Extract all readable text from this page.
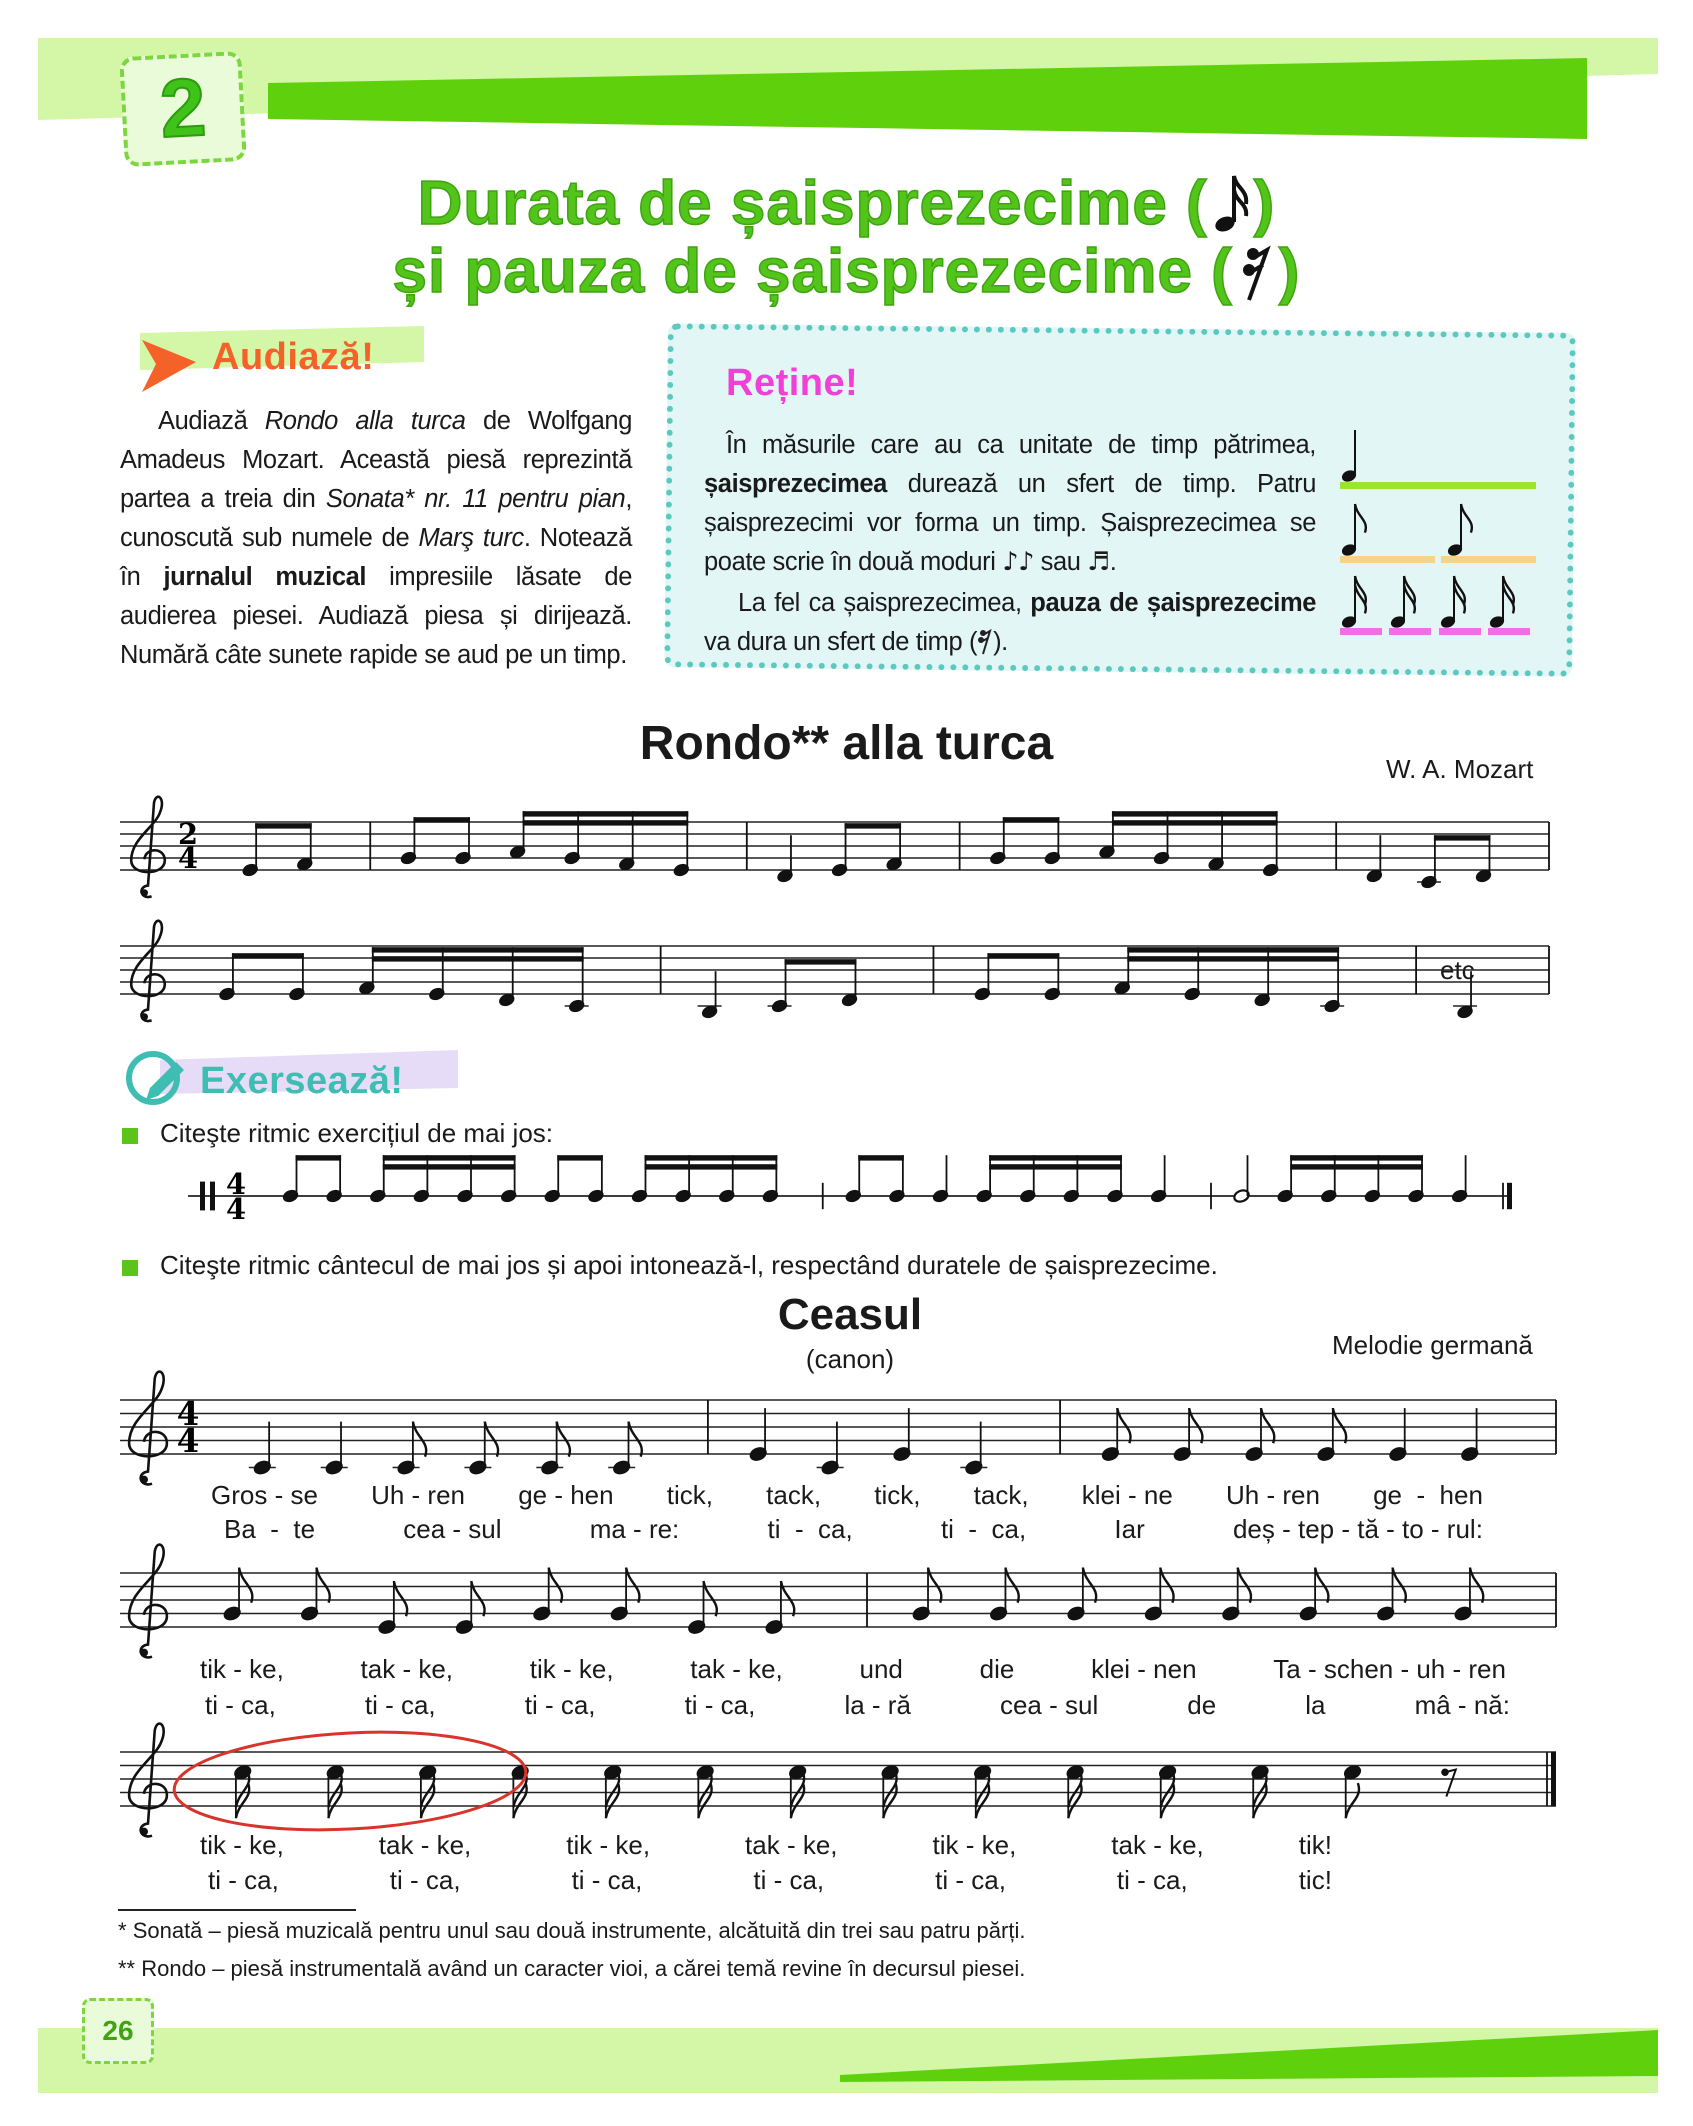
2
Durata de șaisprezecime ( )
și pauza de șaisprezecime ( )
Audiază!
Audiază Rondo alla turca de Wolfgang Amadeus Mozart. Această piesă reprezintă partea a treia din Sonata* nr. 11 pentru pian, cunoscută sub numele de Marş turc. Notează în jurnalul muzical impresiile lăsate de audierea piesei. Audiază piesa și dirijează. Numără câte sunete rapide se aud pe un timp.
Reține!
În măsurile care au ca unitate de timp pătrimea, șaisprezecimea durează un sfert de timp. Patru șaisprezecimi vor forma un timp. Șaisprezecimea se poate scrie în două moduri ♪♪ sau ♬.
La fel ca șaisprezecimea, pauza de șaisprezecime va dura un sfert de timp ( ).
Rondo** alla turca	W. A. Mozart
etc
Exersează!
Citeşte ritmic exercițiul de mai jos:
Citeşte ritmic cântecul de mai jos și apoi intonează-l, respectând duratele de șaisprezecime.
Ceasul
(canon)	Melodie germană
Gros - se Uh - ren ge - hen tick, tack, tick, tack, klei - ne Uh - ren ge  -  hen
Ba  -  te	cea - sul	ma - re:	ti  -  ca,	ti  -  ca,	Iar	deș - tep - tă - to - rul:
tik - ke,	tak - ke,	tik - ke,	tak - ke,	und	die	klei - nen	Ta - schen - uh - ren
ti - ca,	ti - ca,	ti - ca,	ti - ca,	la - ră	cea - sul	de	la	mâ - nă:
tik - ke,	tak - ke,	tik - ke,	tak - ke,	tik - ke,	tak - ke,	tik!
ti - ca,	ti - ca,	ti - ca,	ti - ca,	ti - ca,	ti - ca,	tic!
* Sonată – piesă muzicală pentru unul sau două instrumente, alcătuită din trei sau patru părți.
** Rondo – piesă instrumentală având un caracter vioi, a cărei temă revine în decursul piesei.
26
2
4
4
4
4
4
